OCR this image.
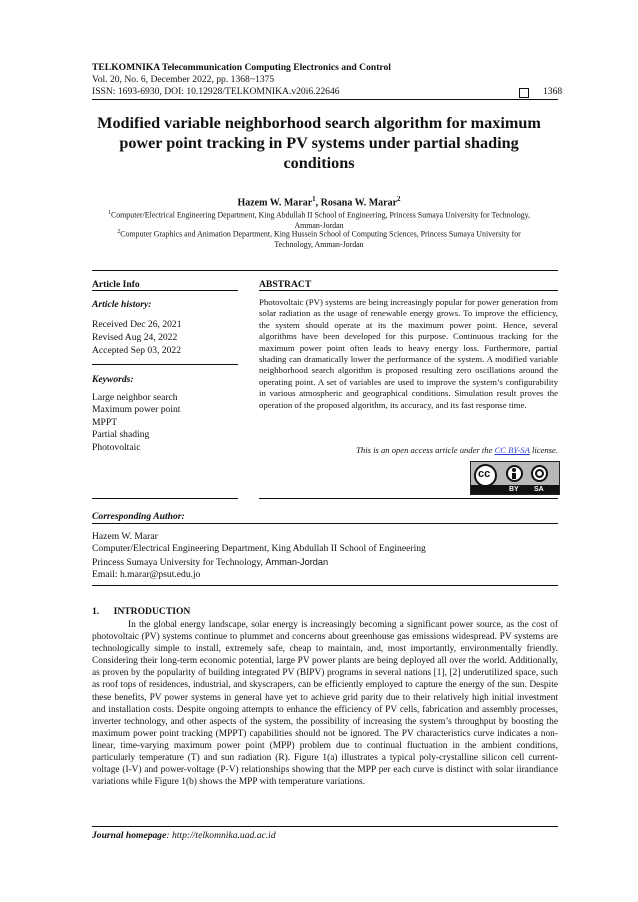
TELKOMNIKA Telecommunication Computing Electronics and Control
Vol. 20, No. 6, December 2022, pp. 1368~1375
ISSN: 1693-6930, DOI: 10.12928/TELKOMNIKA.v20i6.22646	1368
Modified variable neighborhood search algorithm for maximum
power point tracking in PV systems under partial shading
conditions
Hazem W. Marar$^1$, Rosana W. Marar$^2$
$^1$Computer/Electrical Engineering Department, King Abdullah II School of Engineering, Princess Sumaya University for Technology,
Amman-Jordan
$^2$Computer Graphics and Animation Department, King Hussein School of Computing Sciences, Princess Sumaya University for
Technology, Amman-Jordan
Article Info	ABSTRACT
Article history:
Received Dec 26, 2021
Revised Aug 24, 2022
Accepted Sep 03, 2022
Keywords:
Large neighbor search
Maximum power point
MPPT
Partial shading
Photovoltaic
Photovoltaic (PV) systems are being increasingly popular for power generation from solar radiation as the usage of renewable energy grows. To improve the efficiency, the system should operate at its the maximum power point. Hence, several algorithms have been developed for this purpose. Continuous tracking for the maximum power point often leads to heavy energy loss. Furthermore, partial shading can dramatically lower the performance of the system. A modified variable neighborhood search algorithm is proposed resulting zero oscillations around the operating point. A set of variables are used to improve the system’s configurability in various atmospheric and geographical conditions. Simulation result proves the operation of the proposed algorithm, its accuracy, and its fast response time.
This is an open access article under the CC BY-SA license.
cc
BY SA
Corresponding Author:
Hazem W. Marar
Computer/Electrical Engineering Department, King Abdullah II School of Engineering
Princess Sumaya University for Technology, Amman-Jordan
Email: h.marar@psut.edu.jo
1.      INTRODUCTION
In the global energy landscape, solar energy is increasingly becoming a significant power source, as the cost of photovoltaic (PV) systems continue to plummet and concerns about greenhouse gas emissions widespread. PV systems are technologically simple to install, extremely safe, cheap to maintain, and, most importantly, environmentally friendly. Considering their long-term economic potential, large PV power plants are being deployed all over the world. Additionally, as proven by the popularity of building integrated PV (BIPV) programs in several nations [1], [2] underutilized space, such as roof tops of residences, industrial, and skyscrapers, can be efficiently employed to capture the energy of the sun. Despite these benefits, PV power systems in general have yet to achieve grid parity due to their relatively high initial investment and installation costs. Despite ongoing attempts to enhance the efficiency of PV cells, fabrication and assembly processes, inverter technology, and other aspects of the system, the possibility of increasing the system’s throughput by boosting the maximum power point tracking (MPPT) capabilities should not be ignored. The PV characteristics curve indicates a non-linear, time-varying maximum power point (MPP) problem due to continual fluctuation in the ambient conditions, particularly temperature (T) and sun radiation (R). Figure 1(a) illustrates a typical poly-crystalline silicon cell current-voltage (I-V) and power-voltage (P-V) relationships showing that the MPP per each curve is distinct with solar iirandiance variations while Figure 1(b) shows the MPP with temperature variations.
Journal homepage: http://telkomnika.uad.ac.id
